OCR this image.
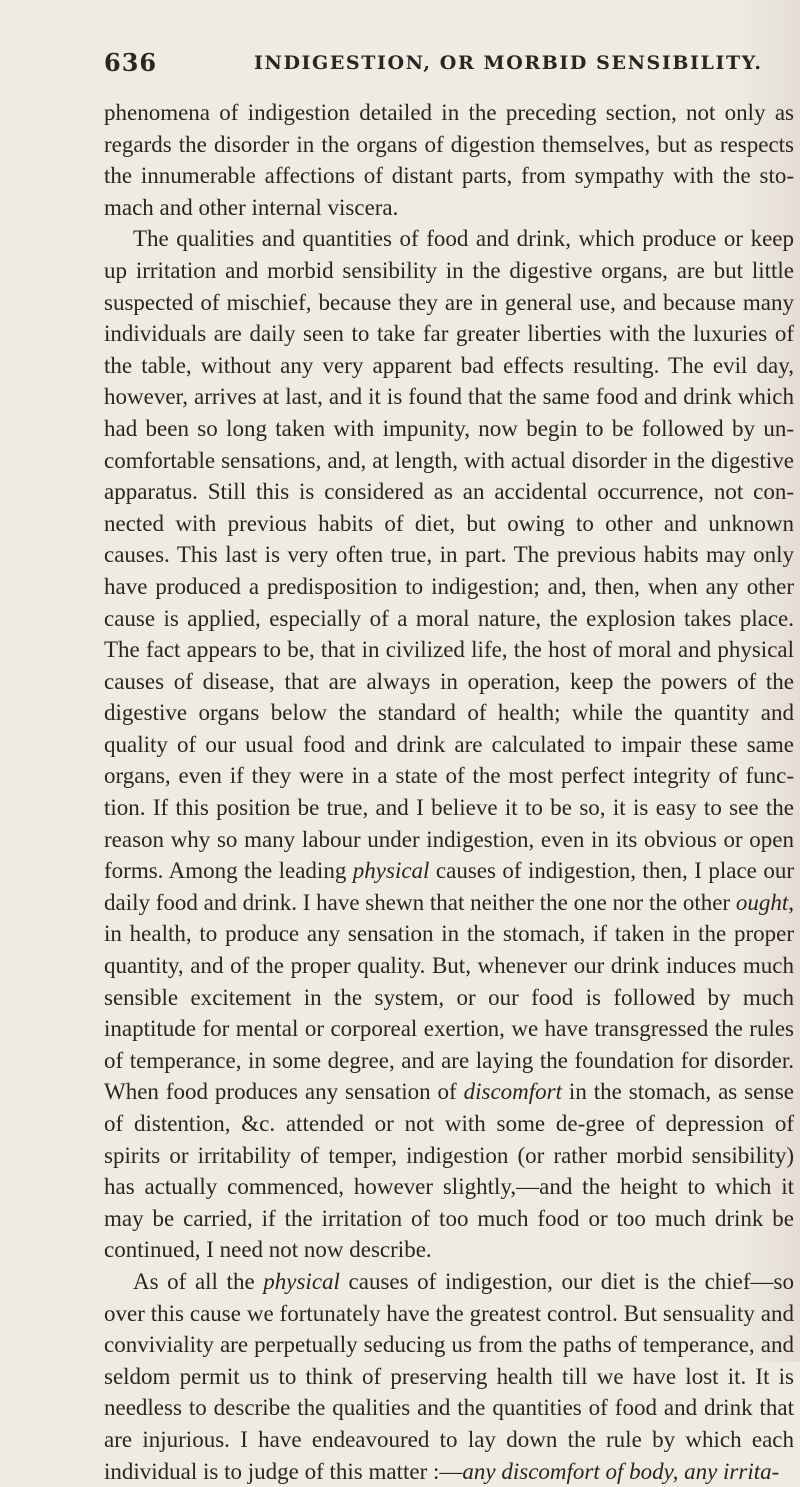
636	INDIGESTION, OR MORBID SENSIBILITY.

phenomena of indigestion detailed in the preceding section, not only as regards the disorder in the organs of digestion themselves, but as respects the innumerable affections of distant parts, from sympathy with the sto-mach and other internal viscera.

The qualities and quantities of food and drink, which produce or keep up irritation and morbid sensibility in the digestive organs, are but little suspected of mischief, because they are in general use, and because many individuals are daily seen to take far greater liberties with the luxuries of the table, without any very apparent bad effects resulting. The evil day, however, arrives at last, and it is found that the same food and drink which had been so long taken with impunity, now begin to be followed by un-comfortable sensations, and, at length, with actual disorder in the digestive apparatus. Still this is considered as an accidental occurrence, not con-nected with previous habits of diet, but owing to other and unknown causes. This last is very often true, in part. The previous habits may only have produced a predisposition to indigestion; and, then, when any other cause is applied, especially of a moral nature, the explosion takes place. The fact appears to be, that in civilized life, the host of moral and physical causes of disease, that are always in operation, keep the powers of the digestive organs below the standard of health; while the quantity and quality of our usual food and drink are calculated to impair these same organs, even if they were in a state of the most perfect integrity of func-tion. If this position be true, and I believe it to be so, it is easy to see the reason why so many labour under indigestion, even in its obvious or open forms. Among the leading physical causes of indigestion, then, I place our daily food and drink. I have shewn that neither the one nor the other ought, in health, to produce any sensation in the stomach, if taken in the proper quantity, and of the proper quality. But, whenever our drink induces much sensible excitement in the system, or our food is followed by much inaptitude for mental or corporeal exertion, we have transgressed the rules of temperance, in some degree, and are laying the foundation for disorder. When food produces any sensation of discomfort in the stomach, as sense of distention, &c. attended or not with some de-gree of depression of spirits or irritability of temper, indigestion (or rather morbid sensibility) has actually commenced, however slightly,—and the height to which it may be carried, if the irritation of too much food or too much drink be continued, I need not now describe.

As of all the physical causes of indigestion, our diet is the chief—so over this cause we fortunately have the greatest control. But sensuality and conviviality are perpetually seducing us from the paths of temperance, and seldom permit us to think of preserving health till we have lost it. It is needless to describe the qualities and the quantities of food and drink that are injurious. I have endeavoured to lay down the rule by which each individual is to judge of this matter :—any discomfort of body, any irrita-
